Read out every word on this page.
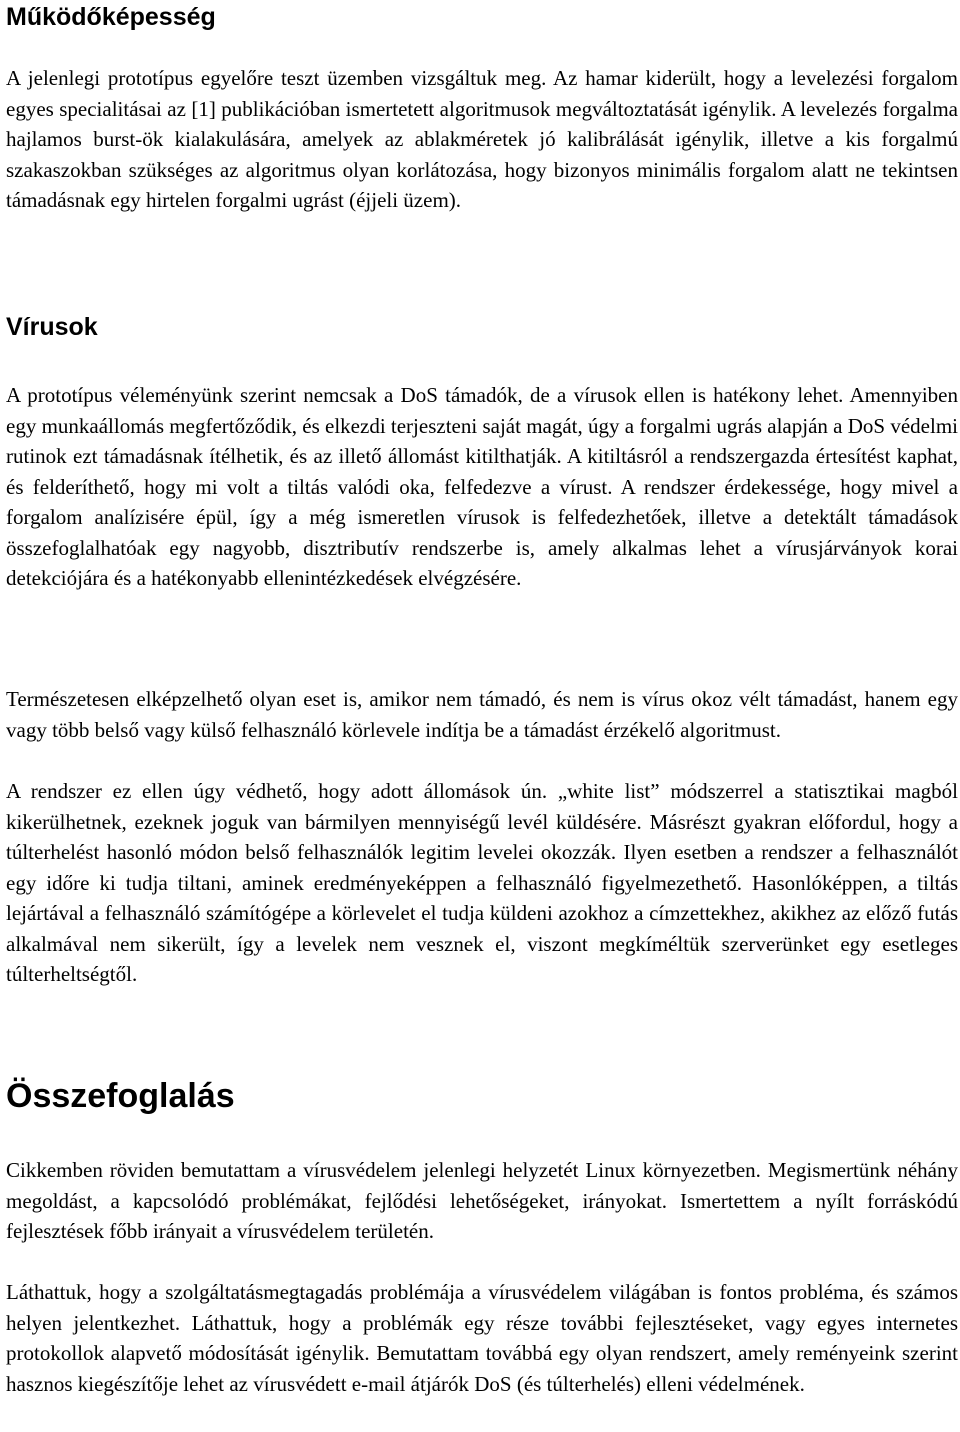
Működőképesség

A jelenlegi prototípus egyelőre teszt üzemben vizsgáltuk meg. Az hamar kiderült, hogy a levelezési forgalom egyes specialitásai az [1] publikációban ismertetett algoritmusok megváltoztatását igénylik. A levelezés forgalma hajlamos burst-ök kialakulására, amelyek az ablakméretek jó kalibrálását igénylik, illetve a kis forgalmú szakaszokban szükséges az algoritmus olyan korlátozása, hogy bizonyos minimális forgalom alatt ne tekintsen támadásnak egy hirtelen forgalmi ugrást (éjjeli üzem).

Vírusok

A prototípus véleményünk szerint nemcsak a DoS támadók, de a vírusok ellen is hatékony lehet. Amennyiben egy munkaállomás megfertőződik, és elkezdi terjeszteni saját magát, úgy a forgalmi ugrás alapján a DoS védelmi rutinok ezt támadásnak ítélhetik, és az illető állomást kitilthatják. A kitiltásról a rendszergazda értesítést kaphat, és felderíthető, hogy mi volt a tiltás valódi oka, felfedezve a vírust. A rendszer érdekessége, hogy mivel a forgalom analízisére épül, így a még ismeretlen vírusok is felfedezhetőek, illetve a detektált támadások összefoglalhatóak egy nagyobb, disztributív rendszerbe is, amely alkalmas lehet a vírusjárványok korai detekciójára és a hatékonyabb ellenintézkedések elvégzésére.

Természetesen elképzelhető olyan eset is, amikor nem támadó, és nem is vírus okoz vélt támadást, hanem egy vagy több belső vagy külső felhasználó körlevele indítja be a támadást érzékelő algoritmust.

A rendszer ez ellen úgy védhető, hogy adott állomások ún. „white list” módszerrel a statisztikai magból kikerülhetnek, ezeknek joguk van bármilyen mennyiségű levél küldésére. Másrészt gyakran előfordul, hogy a túlterhelést hasonló módon belső felhasználók legitim levelei okozzák. Ilyen esetben a rendszer a felhasználót egy időre ki tudja tiltani, aminek eredményeképpen a felhasználó figyelmezethető. Hasonlóképpen, a tiltás lejártával a felhasználó számítógépe a körlevelet el tudja küldeni azokhoz a címzettekhez, akikhez az előző futás alkalmával nem sikerült, így a levelek nem vesznek el, viszont megkíméltük szerverünket egy esetleges túlterheltségtől.

Összefoglalás

Cikkemben röviden bemutattam a vírusvédelem jelenlegi helyzetét Linux környezetben. Megismertünk néhány megoldást, a kapcsolódó problémákat, fejlődési lehetőségeket, irányokat. Ismertettem a nyílt forráskódú fejlesztések főbb irányait a vírusvédelem területén.

Láthattuk, hogy a szolgáltatásmegtagadás problémája a vírusvédelem világában is fontos probléma, és számos helyen jelentkezhet. Láthattuk, hogy a problémák egy része további fejlesztéseket, vagy egyes internetes protokollok alapvető módosítását igénylik. Bemutattam továbbá egy olyan rendszert, amely reményeink szerint hasznos kiegészítője lehet az vírusvédett e-mail átjárók DoS (és túlterhelés) elleni védelmének.
